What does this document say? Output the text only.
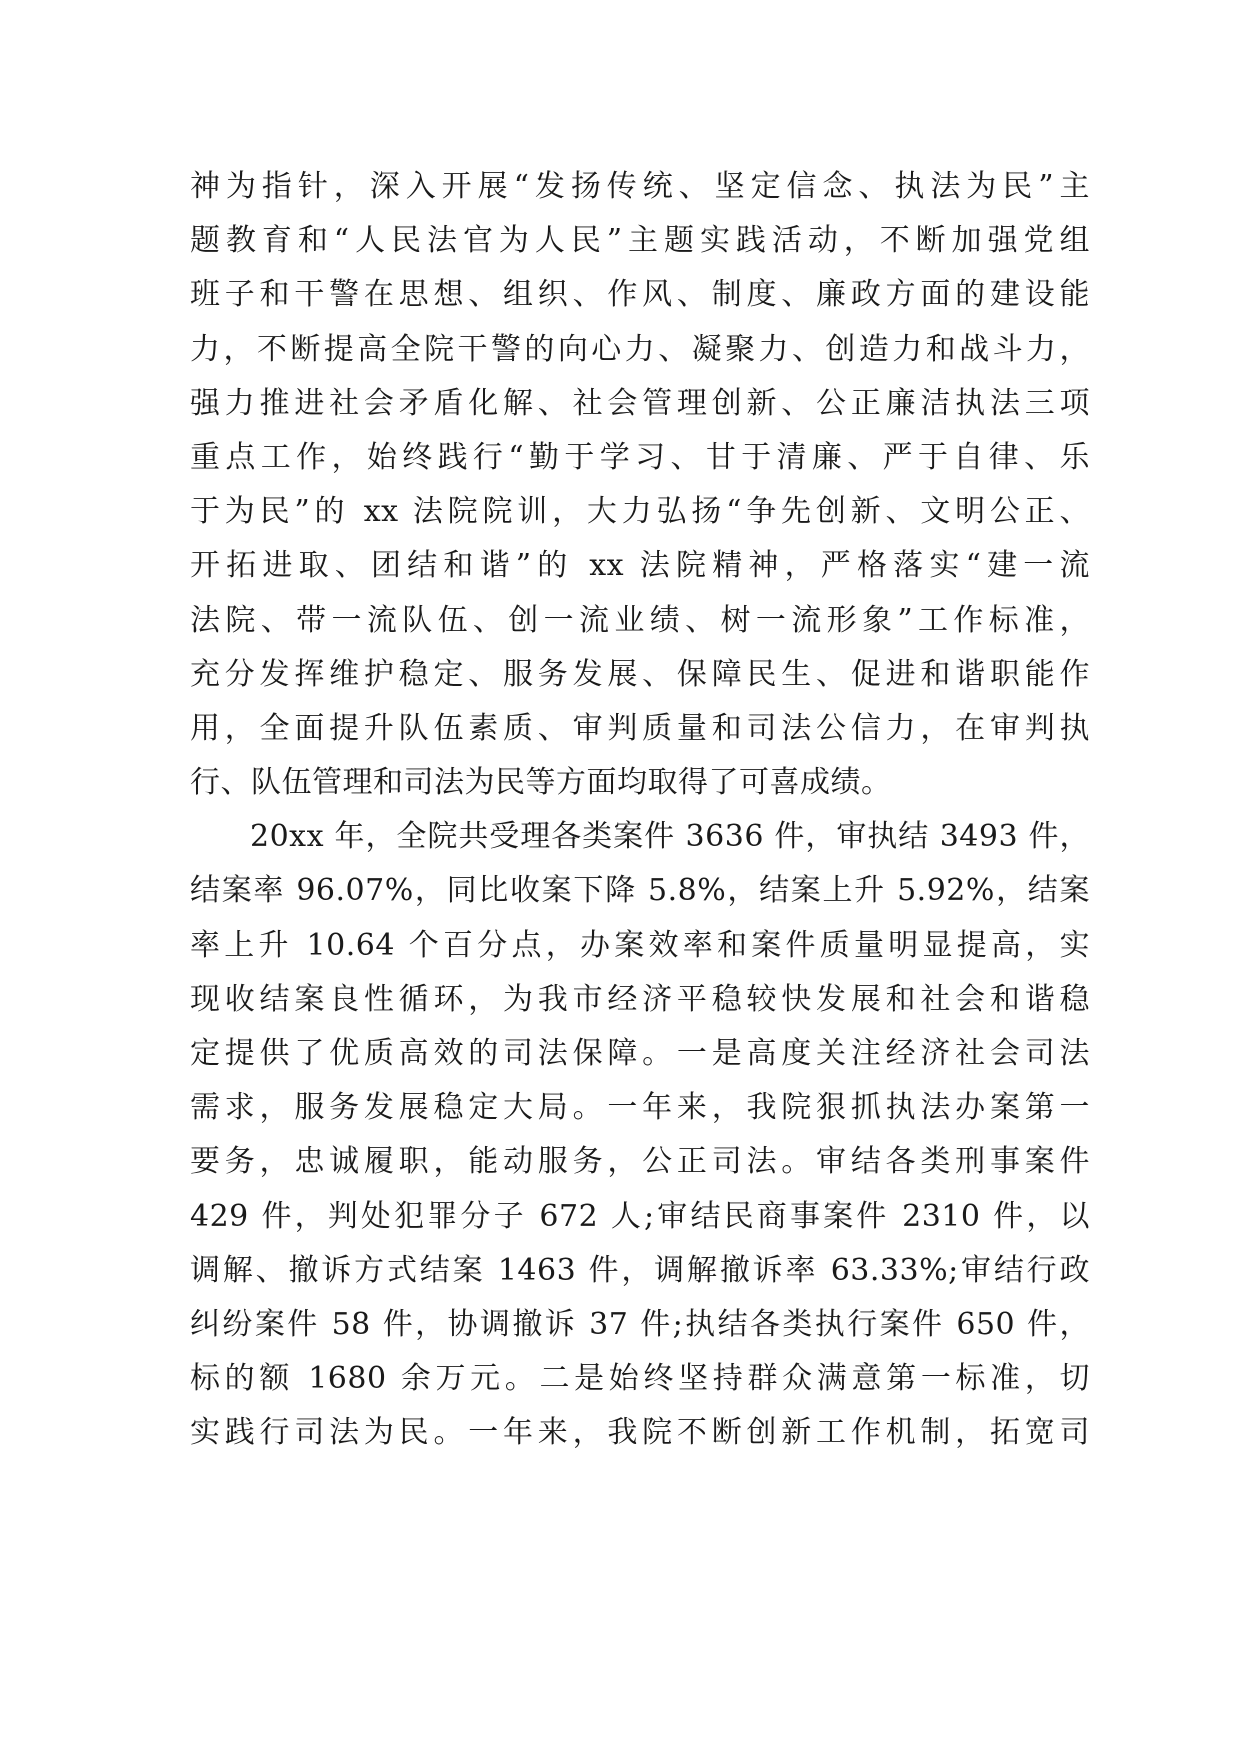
神为指针，深入开展“发扬传统、坚定信念、执法为民”主
题教育和“人民法官为人民”主题实践活动，不断加强党组
班子和干警在思想、组织、作风、制度、廉政方面的建设能
力，不断提高全院干警的向心力、凝聚力、创造力和战斗力，
强力推进社会矛盾化解、社会管理创新、公正廉洁执法三项
重点工作，始终践行“勤于学习、甘于清廉、严于自律、乐
于为民”的 xx 法院院训，大力弘扬“争先创新、文明公正、
开拓进取、团结和谐”的 xx 法院精神，严格落实“建一流
法院、带一流队伍、创一流业绩、树一流形象”工作标准，
充分发挥维护稳定、服务发展、保障民生、促进和谐职能作
用，全面提升队伍素质、审判质量和司法公信力，在审判执
行、队伍管理和司法为民等方面均取得了可喜成绩。
20xx 年，全院共受理各类案件 3636 件，审执结 3493 件，
结案率 96.07%，同比收案下降 5.8%，结案上升 5.92%，结案
率上升 10.64 个百分点，办案效率和案件质量明显提高，实
现收结案良性循环，为我市经济平稳较快发展和社会和谐稳
定提供了优质高效的司法保障。一是高度关注经济社会司法
需求，服务发展稳定大局。一年来，我院狠抓执法办案第一
要务，忠诚履职，能动服务，公正司法。审结各类刑事案件
429 件，判处犯罪分子 672 人;审结民商事案件 2310 件，以
调解、撤诉方式结案 1463 件，调解撤诉率 63.33%;审结行政
纠纷案件 58 件，协调撤诉 37 件;执结各类执行案件 650 件，
标的额 1680 余万元。二是始终坚持群众满意第一标准，切
实践行司法为民。一年来，我院不断创新工作机制，拓宽司
